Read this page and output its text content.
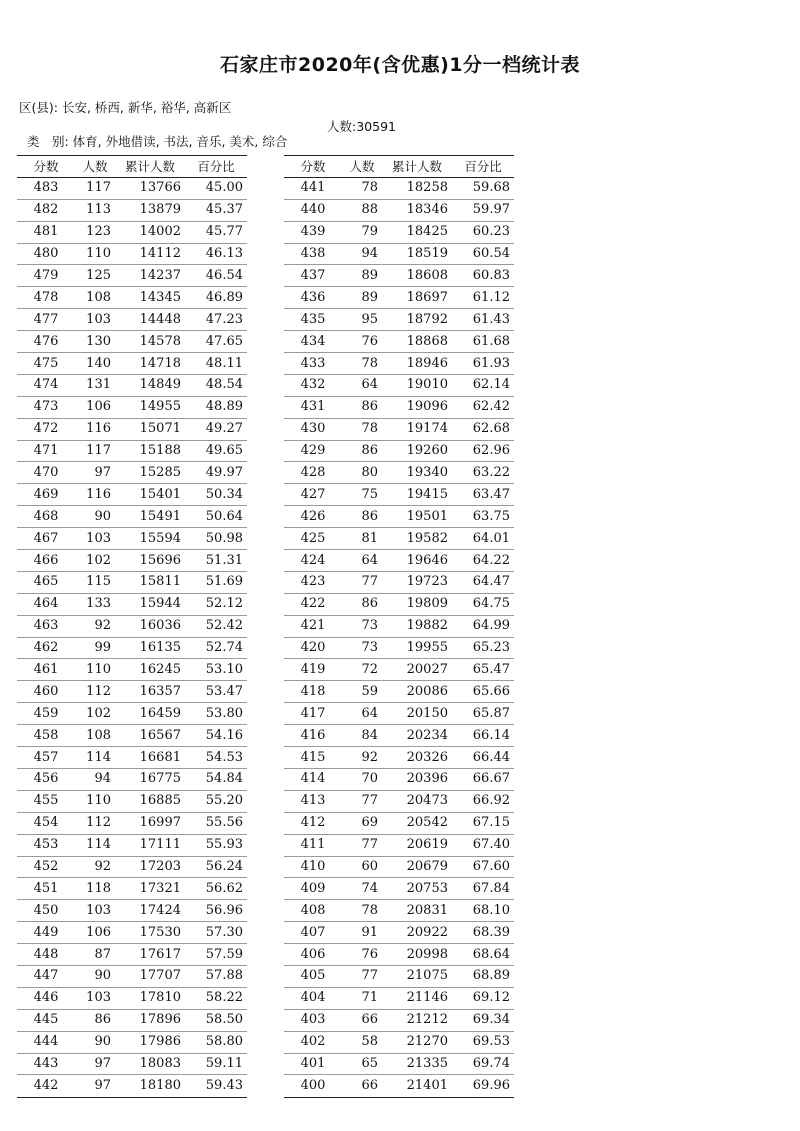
石家庄市2020年(含优惠)1分一档统计表
区(县): 长安, 桥西, 新华, 裕华, 高新区

类　别: 体育, 外地借读, 书法, 音乐, 美术, 综合

人数:30591

分数	人数	累计人数	百分比
483	117	13766	45.00
482	113	13879	45.37
481	123	14002	45.77
480	110	14112	46.13
479	125	14237	46.54
478	108	14345	46.89
477	103	14448	47.23
476	130	14578	47.65
475	140	14718	48.11
474	131	14849	48.54
473	106	14955	48.89
472	116	15071	49.27
471	117	15188	49.65
470	97	15285	49.97
469	116	15401	50.34
468	90	15491	50.64
467	103	15594	50.98
466	102	15696	51.31
465	115	15811	51.69
464	133	15944	52.12
463	92	16036	52.42
462	99	16135	52.74
461	110	16245	53.10
460	112	16357	53.47
459	102	16459	53.80
458	108	16567	54.16
457	114	16681	54.53
456	94	16775	54.84
455	110	16885	55.20
454	112	16997	55.56
453	114	17111	55.93
452	92	17203	56.24
451	118	17321	56.62
450	103	17424	56.96
449	106	17530	57.30
448	87	17617	57.59
447	90	17707	57.88
446	103	17810	58.22
445	86	17896	58.50
444	90	17986	58.80
443	97	18083	59.11
442	97	18180	59.43
分数	人数	累计人数	百分比
441	78	18258	59.68
440	88	18346	59.97
439	79	18425	60.23
438	94	18519	60.54
437	89	18608	60.83
436	89	18697	61.12
435	95	18792	61.43
434	76	18868	61.68
433	78	18946	61.93
432	64	19010	62.14
431	86	19096	62.42
430	78	19174	62.68
429	86	19260	62.96
428	80	19340	63.22
427	75	19415	63.47
426	86	19501	63.75
425	81	19582	64.01
424	64	19646	64.22
423	77	19723	64.47
422	86	19809	64.75
421	73	19882	64.99
420	73	19955	65.23
419	72	20027	65.47
418	59	20086	65.66
417	64	20150	65.87
416	84	20234	66.14
415	92	20326	66.44
414	70	20396	66.67
413	77	20473	66.92
412	69	20542	67.15
411	77	20619	67.40
410	60	20679	67.60
409	74	20753	67.84
408	78	20831	68.10
407	91	20922	68.39
406	76	20998	68.64
405	77	21075	68.89
404	71	21146	69.12
403	66	21212	69.34
402	58	21270	69.53
401	65	21335	69.74
400	66	21401	69.96
